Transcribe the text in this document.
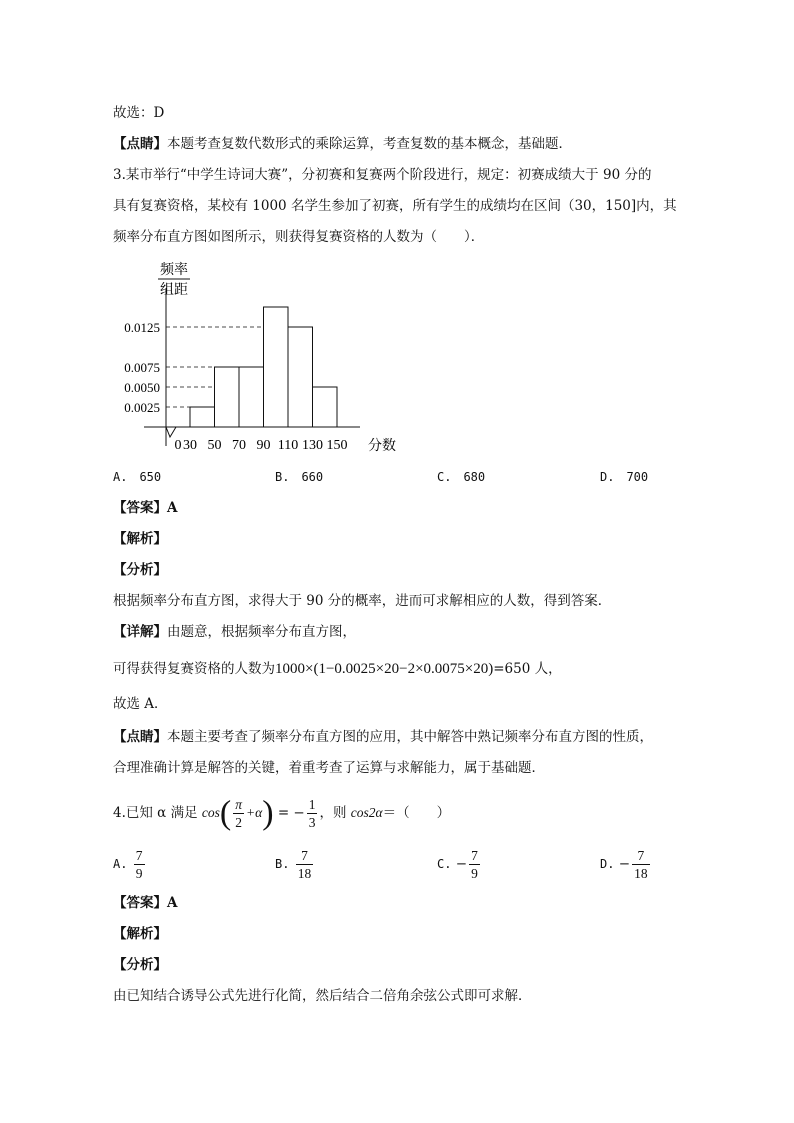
故选：D
【点睛】本题考查复数代数形式的乘除运算，考查复数的基本概念，基础题．
3.某市举行“中学生诗词大赛”，分初赛和复赛两个阶段进行，规定：初赛成绩大于 90 分的
具有复赛资格，某校有 1000 名学生参加了初赛，所有学生的成绩均在区间（30，150]内，其
频率分布直方图如图所示，则获得复赛资格的人数为（　　）．
频率
组距
0.0125
0.0075
0.0050
0.0025
0 30 50 70 90 110 130 150 分数
A.　650	B.　660	C.　680	D.　700
【答案】A
【解析】
【分析】
根据频率分布直方图，求得大于 90 分的概率，进而可求解相应的人数，得到答案．
【详解】由题意，根据频率分布直方图，
可得获得复赛资格的人数为1000×(1−0.0025×20−2×0.0075×20)=650 人，
故选 A．
【点睛】本题主要考查了频率分布直方图的应用，其中解答中熟记频率分布直方图的性质，
合理准确计算是解答的关键，着重考查了运算与求解能力，属于基础题．
4.已知 α 满足 $\cos( \frac{\pi}{2} +\alpha)$ = − $\frac{1}{3}$ ，则 cos2α＝（　　）
A. $\frac{7}{9}$	B. $\frac{7}{18}$	C. − $\frac{7}{9}$	D. − $\frac{7}{18}$
【答案】A
【解析】
【分析】
由已知结合诱导公式先进行化简，然后结合二倍角余弦公式即可求解．
